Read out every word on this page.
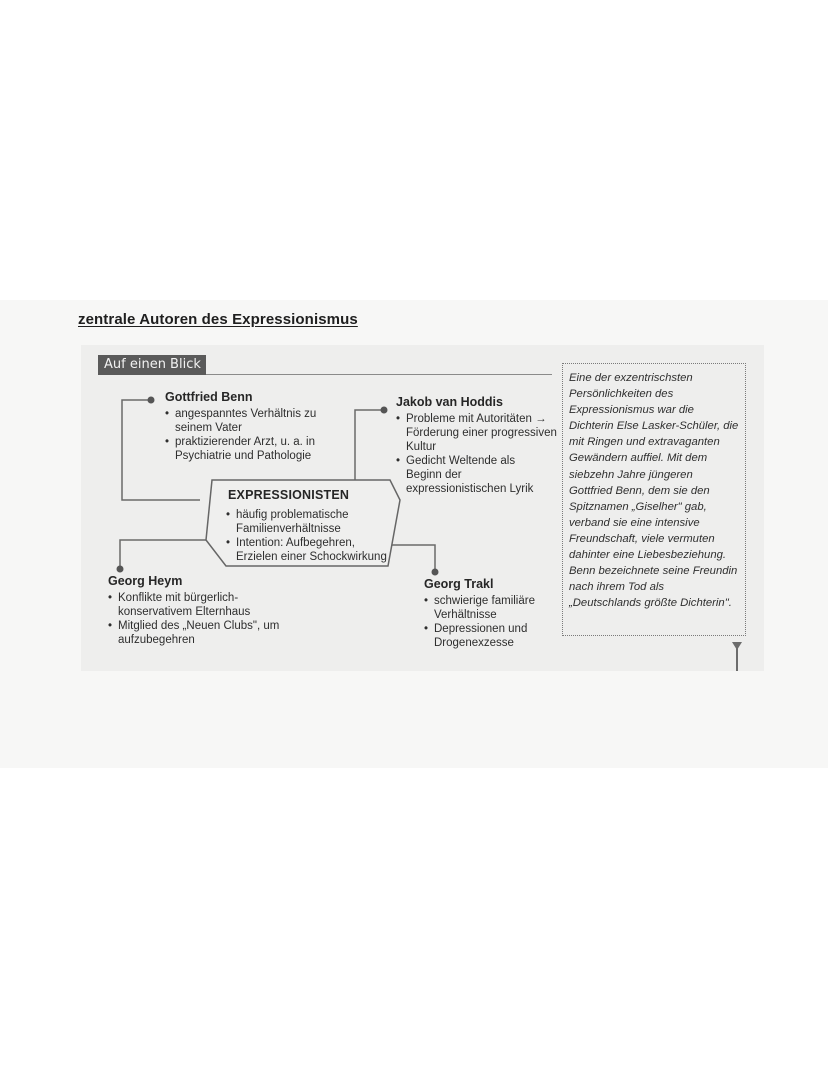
zentrale Autoren des Expressionismus
Auf einen Blick
Gottfried Benn
• angespanntes Verhältnis zu seinem Vater
• praktizierender Arzt, u. a. in Psychiatrie und Pathologie
Jakob van Hoddis
• Probleme mit Autoritäten → Förderung einer progressiven Kultur
• Gedicht Weltende als Beginn der expressionistischen Lyrik
EXPRESSIONISTEN
• häufig problematische Familienverhältnisse
• Intention: Aufbegehren, Erzielen einer Schockwirkung
Georg Heym
• Konflikte mit bürgerlich-konservativem Elternhaus
• Mitglied des „Neuen Clubs", um aufzubegehren
Georg Trakl
• schwierige familiäre Verhältnisse
• Depressionen und Drogenexzesse
Eine der exzentrischsten Persönlichkeiten des Expressionismus war die Dichterin Else Lasker-Schüler, die mit Ringen und extravaganten Gewändern auffiel. Mit dem siebzehn Jahre jüngeren Gottfried Benn, dem sie den Spitznamen „Giselher" gab, verband sie eine intensive Freundschaft, viele vermuten dahinter eine Liebesbeziehung. Benn bezeichnete seine Freundin nach ihrem Tod als „Deutschlands größte Dichterin".
